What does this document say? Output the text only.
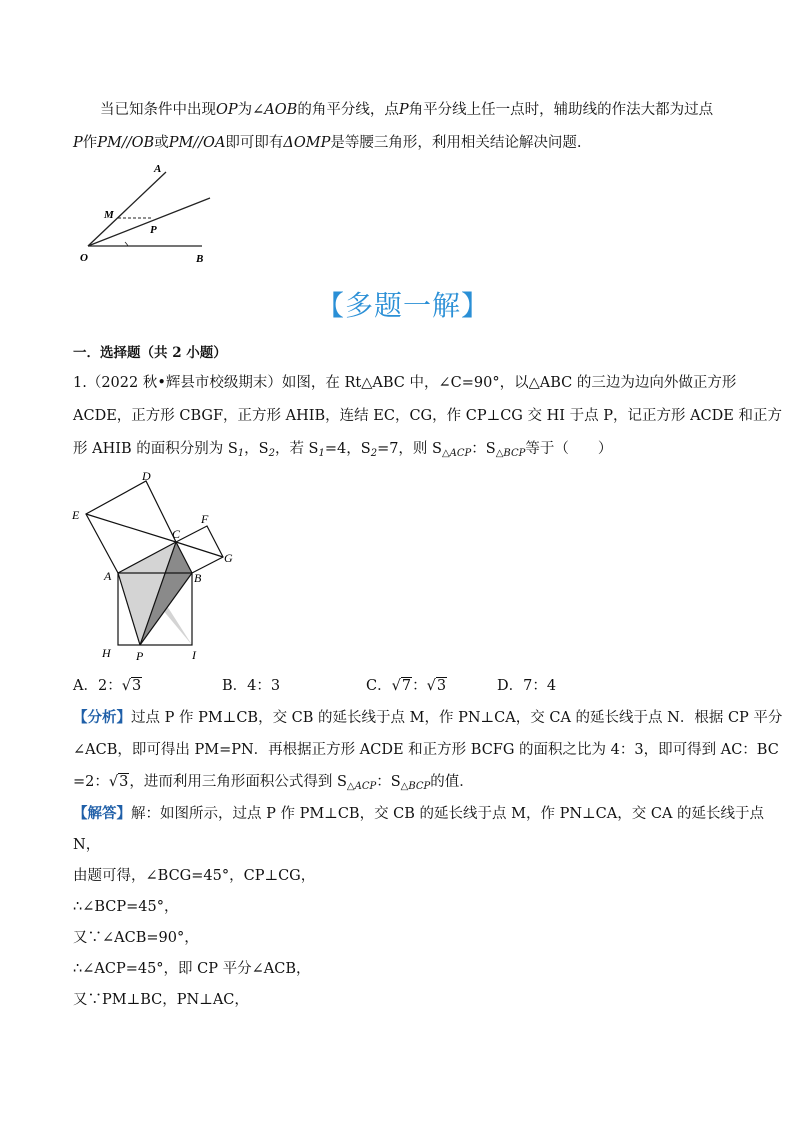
当已知条件中出现OP为∠AOB的角平分线，点P角平分线上任一点时，辅助线的作法大都为过点
P作PM//OB或PM//OA即可即有ΔOMP是等腰三角形，利用相关结论解决问题.
A
M
P
O	B
【多题一解】
一．选择题（共 2 小题）
1.（2022 秋•辉县市校级期末）如图，在 Rt△ABC 中，∠C=90°，以△ABC 的三边为边向外做正方形
ACDE，正方形 CBGF，正方形 AHIB，连结 EC，CG，作 CP⊥CG 交 HI 于点 P，记正方形 ACDE 和正方
形 AHIB 的面积分别为 $S_1$，$S_2$，若 $S_1=4$，$S_2=7$，则 $S_{\triangle ACP}$：$S_{\triangle BCP}$等于（　　）
D
E	F
C
G
A	B
H P	I
A．2：√3	B．4：3	C．√7：√3	D．7：4
【分析】过点 P 作 PM⊥CB，交 CB 的延长线于点 M，作 PN⊥CA，交 CA 的延长线于点 N．根据 CP 平分
∠ACB，即可得出 PM=PN．再根据正方形 ACDE 和正方形 BCFG 的面积之比为 4：3，即可得到 AC：BC
=2：√3，进而利用三角形面积公式得到 $S_{\triangle ACP}$：$S_{\triangle BCP}$的值．
【解答】解：如图所示，过点 P 作 PM⊥CB，交 CB 的延长线于点 M，作 PN⊥CA，交 CA 的延长线于点
N，
由题可得，∠BCG=45°，CP⊥CG，
∴∠BCP=45°，
又∵∠ACB=90°，
∴∠ACP=45°，即 CP 平分∠ACB，
又∵PM⊥BC，PN⊥AC，
